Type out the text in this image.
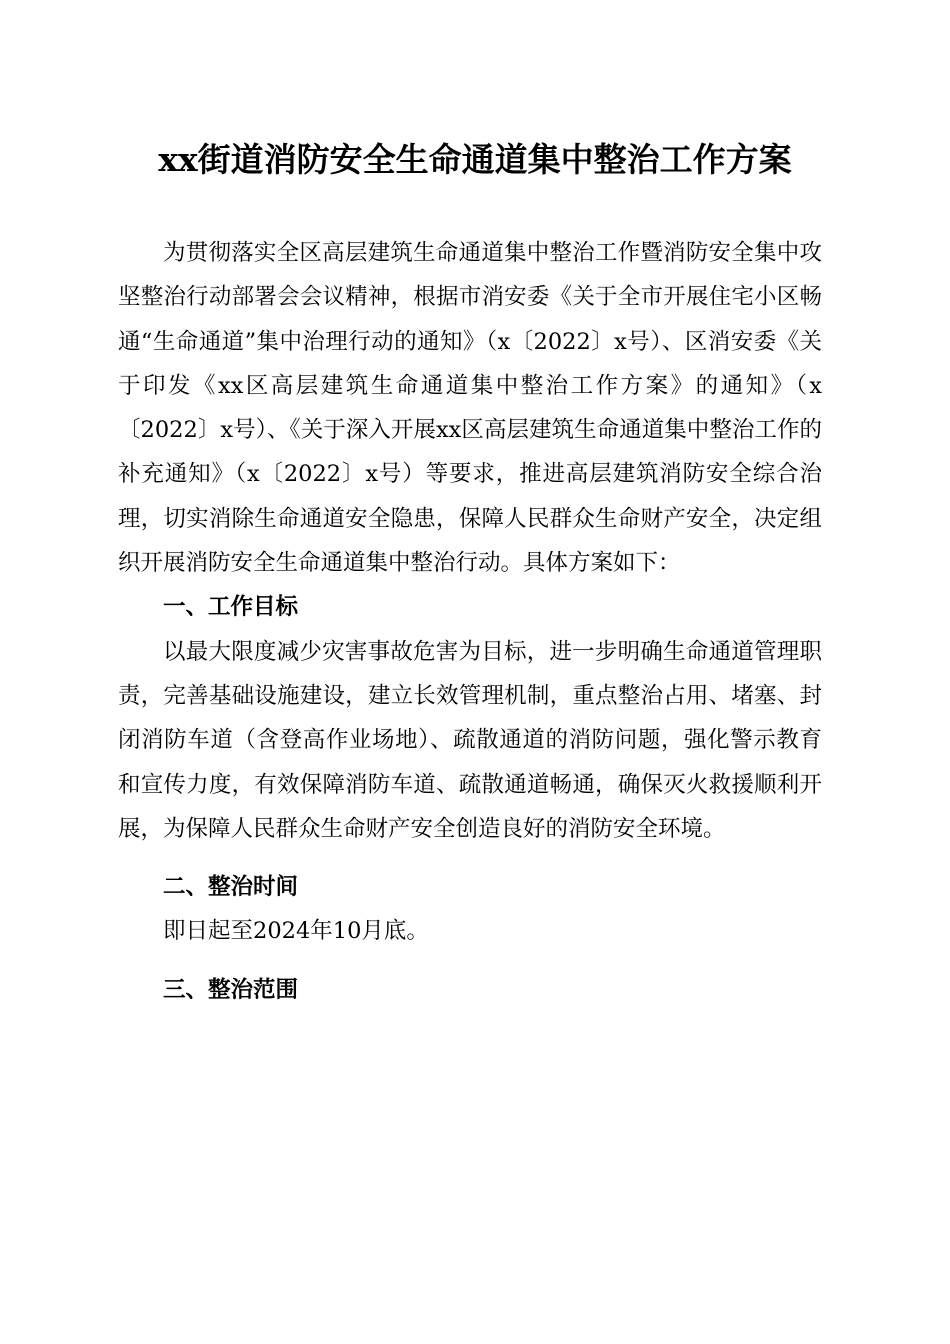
xx街道消防安全生命通道集中整治工作方案

为贯彻落实全区高层建筑生命通道集中整治工作暨消防安全集中攻坚整治行动部署会会议精神，根据市消安委《关于全市开展住宅小区畅通“生命通道”集中治理行动的通知》（x〔2022〕x号）、区消安委《关于印发《xx区高层建筑生命通道集中整治工作方案》的通知》（x〔2022〕x号）、《关于深入开展xx区高层建筑生命通道集中整治工作的补充通知》（x〔2022〕x号）等要求，推进高层建筑消防安全综合治理，切实消除生命通道安全隐患，保障人民群众生命财产安全，决定组织开展消防安全生命通道集中整治行动。具体方案如下：

一、工作目标

以最大限度减少灾害事故危害为目标，进一步明确生命通道管理职责，完善基础设施建设，建立长效管理机制，重点整治占用、堵塞、封闭消防车道（含登高作业场地）、疏散通道的消防问题，强化警示教育和宣传力度，有效保障消防车道、疏散通道畅通，确保灭火救援顺利开展，为保障人民群众生命财产安全创造良好的消防安全环境。

二、整治时间

即日起至2024年10月底。

三、整治范围
